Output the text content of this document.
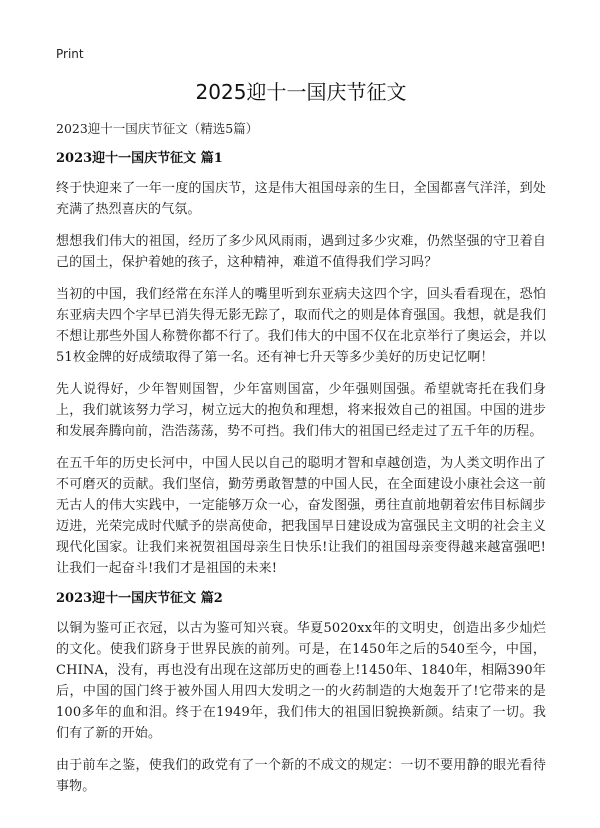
Print
2025迎十一国庆节征文
2023迎十一国庆节征文（精选5篇）
2023迎十一国庆节征文 篇1

终于快迎来了一年一度的国庆节，这是伟大祖国母亲的生日，全国都喜气洋洋，到处充满了热烈喜庆的气氛。

想想我们伟大的祖国，经历了多少风风雨雨，遇到过多少灾难，仍然坚强的守卫着自己的国土，保护着她的孩子，这种精神，难道不值得我们学习吗？

当初的中国，我们经常在东洋人的嘴里听到东亚病夫这四个字，回头看看现在，恐怕东亚病夫四个字早已消失得无影无踪了，取而代之的则是体育强国。我想，就是我们不想让那些外国人称赞你都不行了。我们伟大的中国不仅在北京举行了奥运会，并以51枚金牌的好成绩取得了第一名。还有神七升天等多少美好的历史记忆啊！

先人说得好，少年智则国智，少年富则国富，少年强则国强。希望就寄托在我们身上，我们就该努力学习，树立远大的抱负和理想，将来报效自己的祖国。中国的进步和发展奔腾向前，浩浩荡荡，势不可挡。我们伟大的祖国已经走过了五千年的历程。

在五千年的历史长河中，中国人民以自己的聪明才智和卓越创造，为人类文明作出了不可磨灭的贡献。我们坚信，勤劳勇敢智慧的中国人民，在全面建设小康社会这一前无古人的伟大实践中，一定能够万众一心，奋发图强，勇往直前地朝着宏伟目标阔步迈进，光荣完成时代赋予的崇高使命，把我国早日建设成为富强民主文明的社会主义现代化国家。让我们来祝贺祖国母亲生日快乐!让我们的祖国母亲变得越来越富强吧!让我们一起奋斗!我们才是祖国的未来!

2023迎十一国庆节征文 篇2

以铜为鉴可正衣冠，以古为鉴可知兴衰。华夏5020xx年的文明史，创造出多少灿烂的文化。使我们跻身于世界民族的前列。可是，在1450年之后的540至今，中国，CHINA，没有，再也没有出现在这部历史的画卷上!1450年、1840年，相隔390年后，中国的国门终于被外国人用四大发明之一的火药制造的大炮轰开了!它带来的是100多年的血和泪。终于在1949年，我们伟大的祖国旧貌换新颜。结束了一切。我们有了新的开始。

由于前车之鉴，使我们的政党有了一个新的不成文的规定：一切不要用静的眼光看待事物。
